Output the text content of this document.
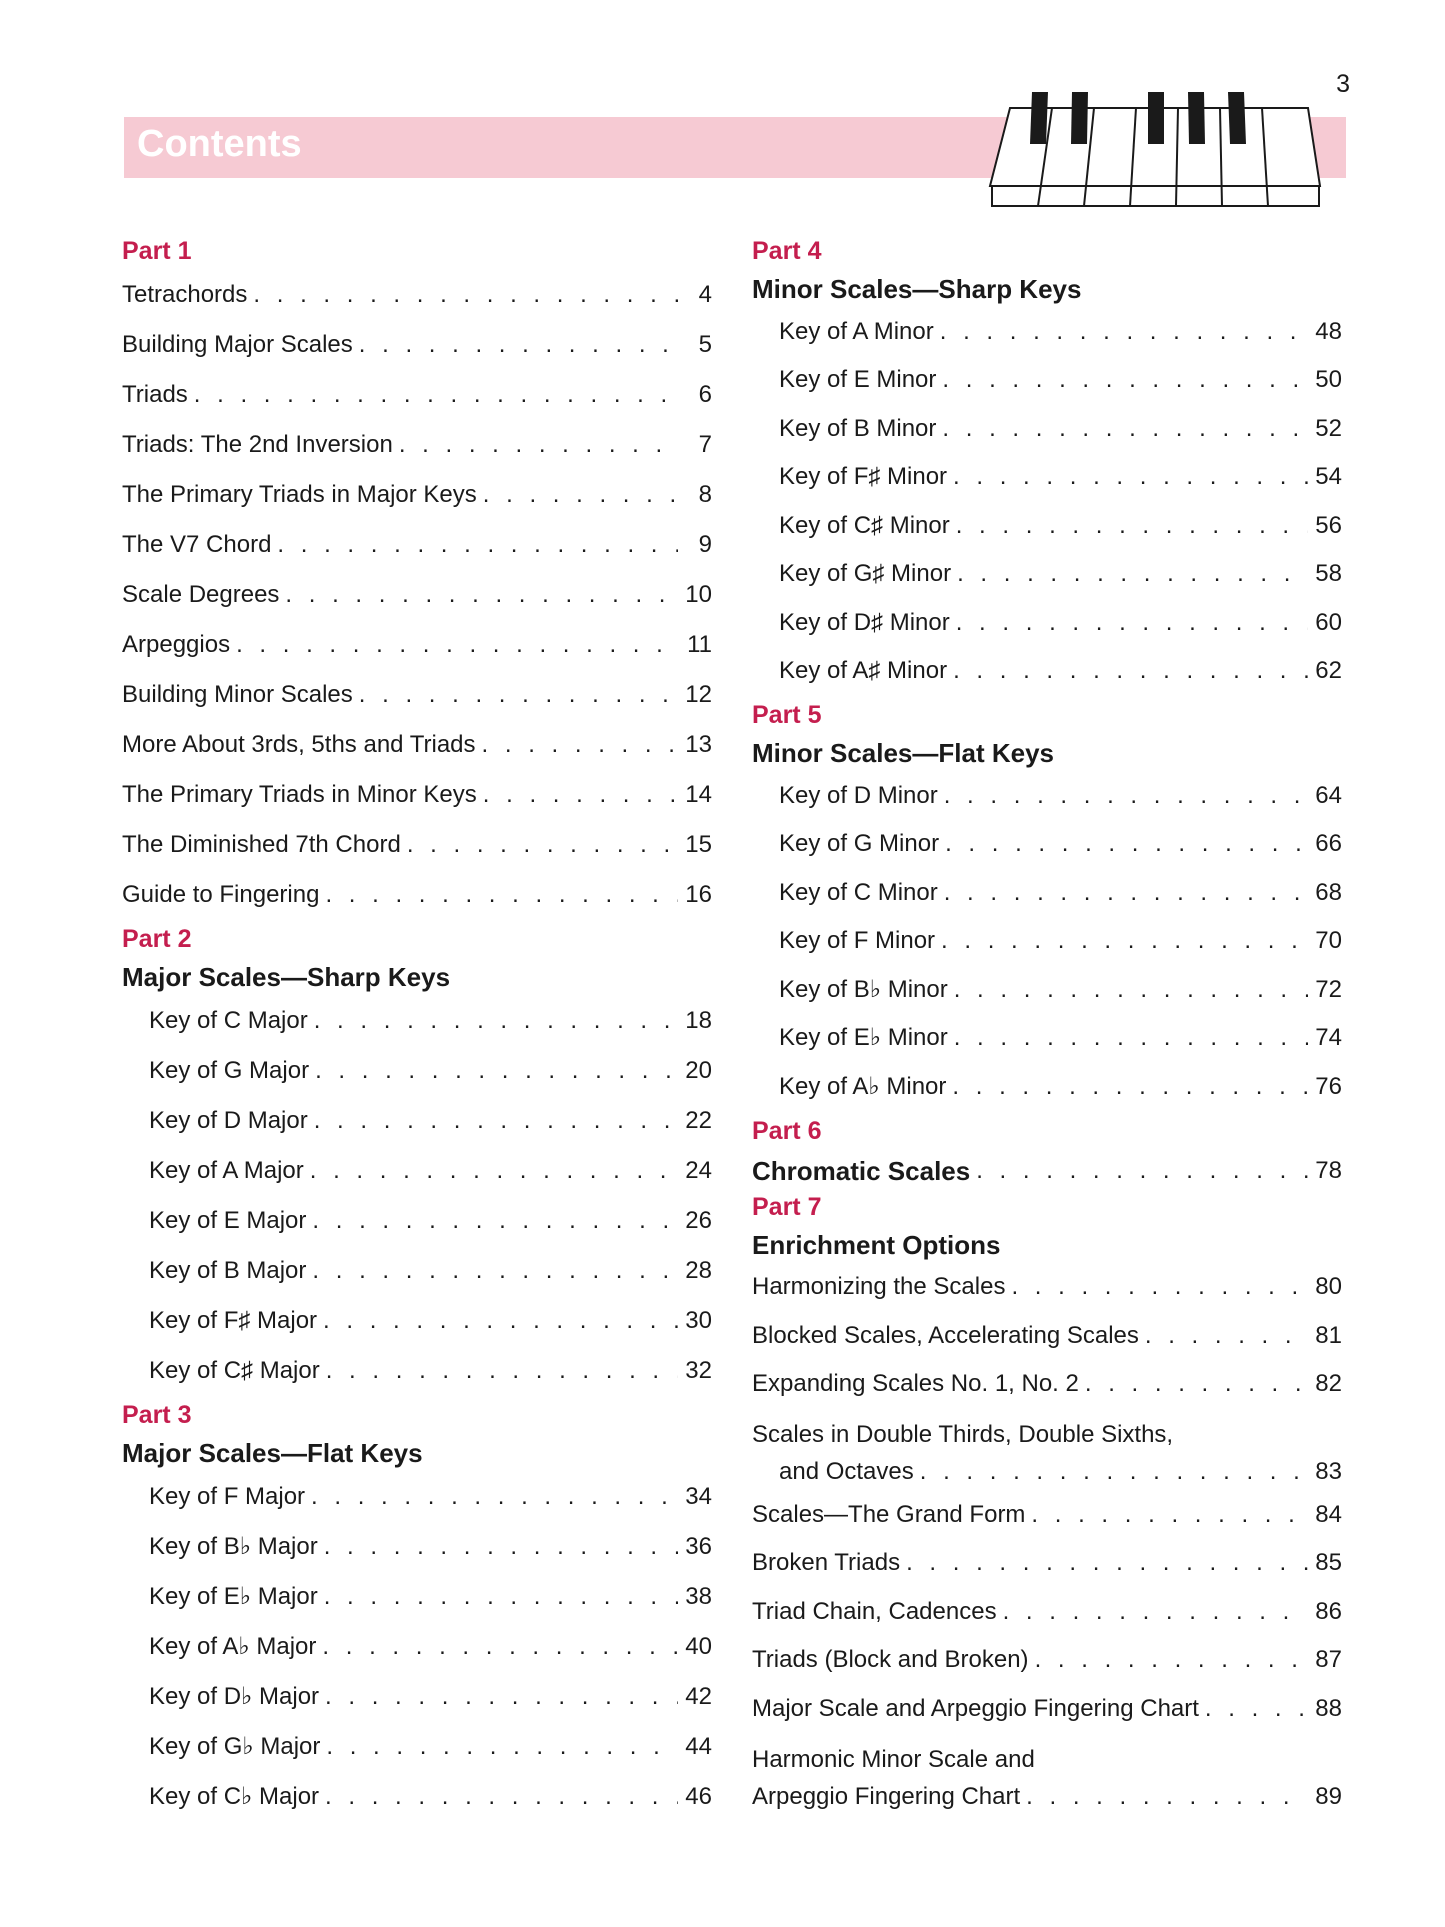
3
Contents
Part 1
Tetrachords . . .	4
Building Major Scales . . .	5
Triads . . .	6
Triads: The 2nd Inversion . . .	7
The Primary Triads in Major Keys . . .	8
The V7 Chord . . .	9
Scale Degrees . . .	10
Arpeggios . . .	11
Building Minor Scales . . .	12
More About 3rds, 5ths and Triads . . .	13
The Primary Triads in Minor Keys . . .	14
The Diminished 7th Chord . . .	15
Guide to Fingering . . .	16
Part 2
Major Scales—Sharp Keys
Key of C Major . . .	18
Key of G Major . . .	20
Key of D Major . . .	22
Key of A Major . . .	24
Key of E Major . . .	26
Key of B Major . . .	28
Key of F♯ Major . . .	30
Key of C♯ Major . . .	32
Part 3
Major Scales—Flat Keys
Key of F Major . . .	34
Key of B♭ Major . . .	36
Key of E♭ Major . . .	38
Key of A♭ Major . . .	40
Key of D♭ Major . . .	42
Key of G♭ Major . . .	44
Key of C♭ Major . . .	46
Part 4
Minor Scales—Sharp Keys
Key of A Minor . . .	48
Key of E Minor . . .	50
Key of B Minor . . .	52
Key of F♯ Minor . . .	54
Key of C♯ Minor . . .	56
Key of G♯ Minor . . .	58
Key of D♯ Minor . . .	60
Key of A♯ Minor . . .	62
Part 5
Minor Scales—Flat Keys
Key of D Minor . . .	64
Key of G Minor . . .	66
Key of C Minor . . .	68
Key of F Minor . . .	70
Key of B♭ Minor . . .	72
Key of E♭ Minor . . .	74
Key of A♭ Minor . . .	76
Part 6
Chromatic Scales . . .	78
Part 7
Enrichment Options
Harmonizing the Scales . . .	80
Blocked Scales, Accelerating Scales . . .	81
Expanding Scales No. 1, No. 2 . . .	82
Scales in Double Thirds, Double Sixths,
and Octaves . . .	83
Scales—The Grand Form . . .	84
Broken Triads . . .	85
Triad Chain, Cadences . . .	86
Triads (Block and Broken) . . .	87
Major Scale and Arpeggio Fingering Chart . . .	88
Harmonic Minor Scale and
Arpeggio Fingering Chart . . .	89
